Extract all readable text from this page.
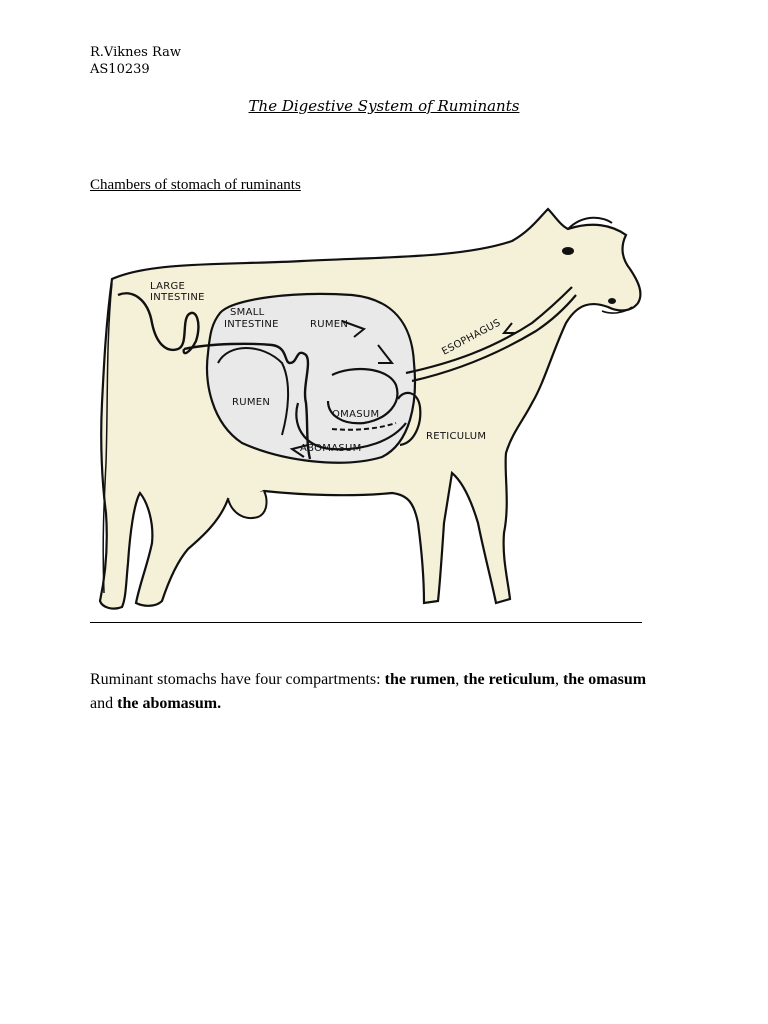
R.Viknes Raw
AS10239
The Digestive System of Ruminants
Chambers of stomach of ruminants
LARGE
INTESTINE
SMALL
INTESTINE	RUMEN
RUMEN
OMASUM
ABOMASUM
RETICULUM
ESOPHAGUS
Ruminant stomachs have four compartments: the rumen, the reticulum, the omasum and the abomasum.
